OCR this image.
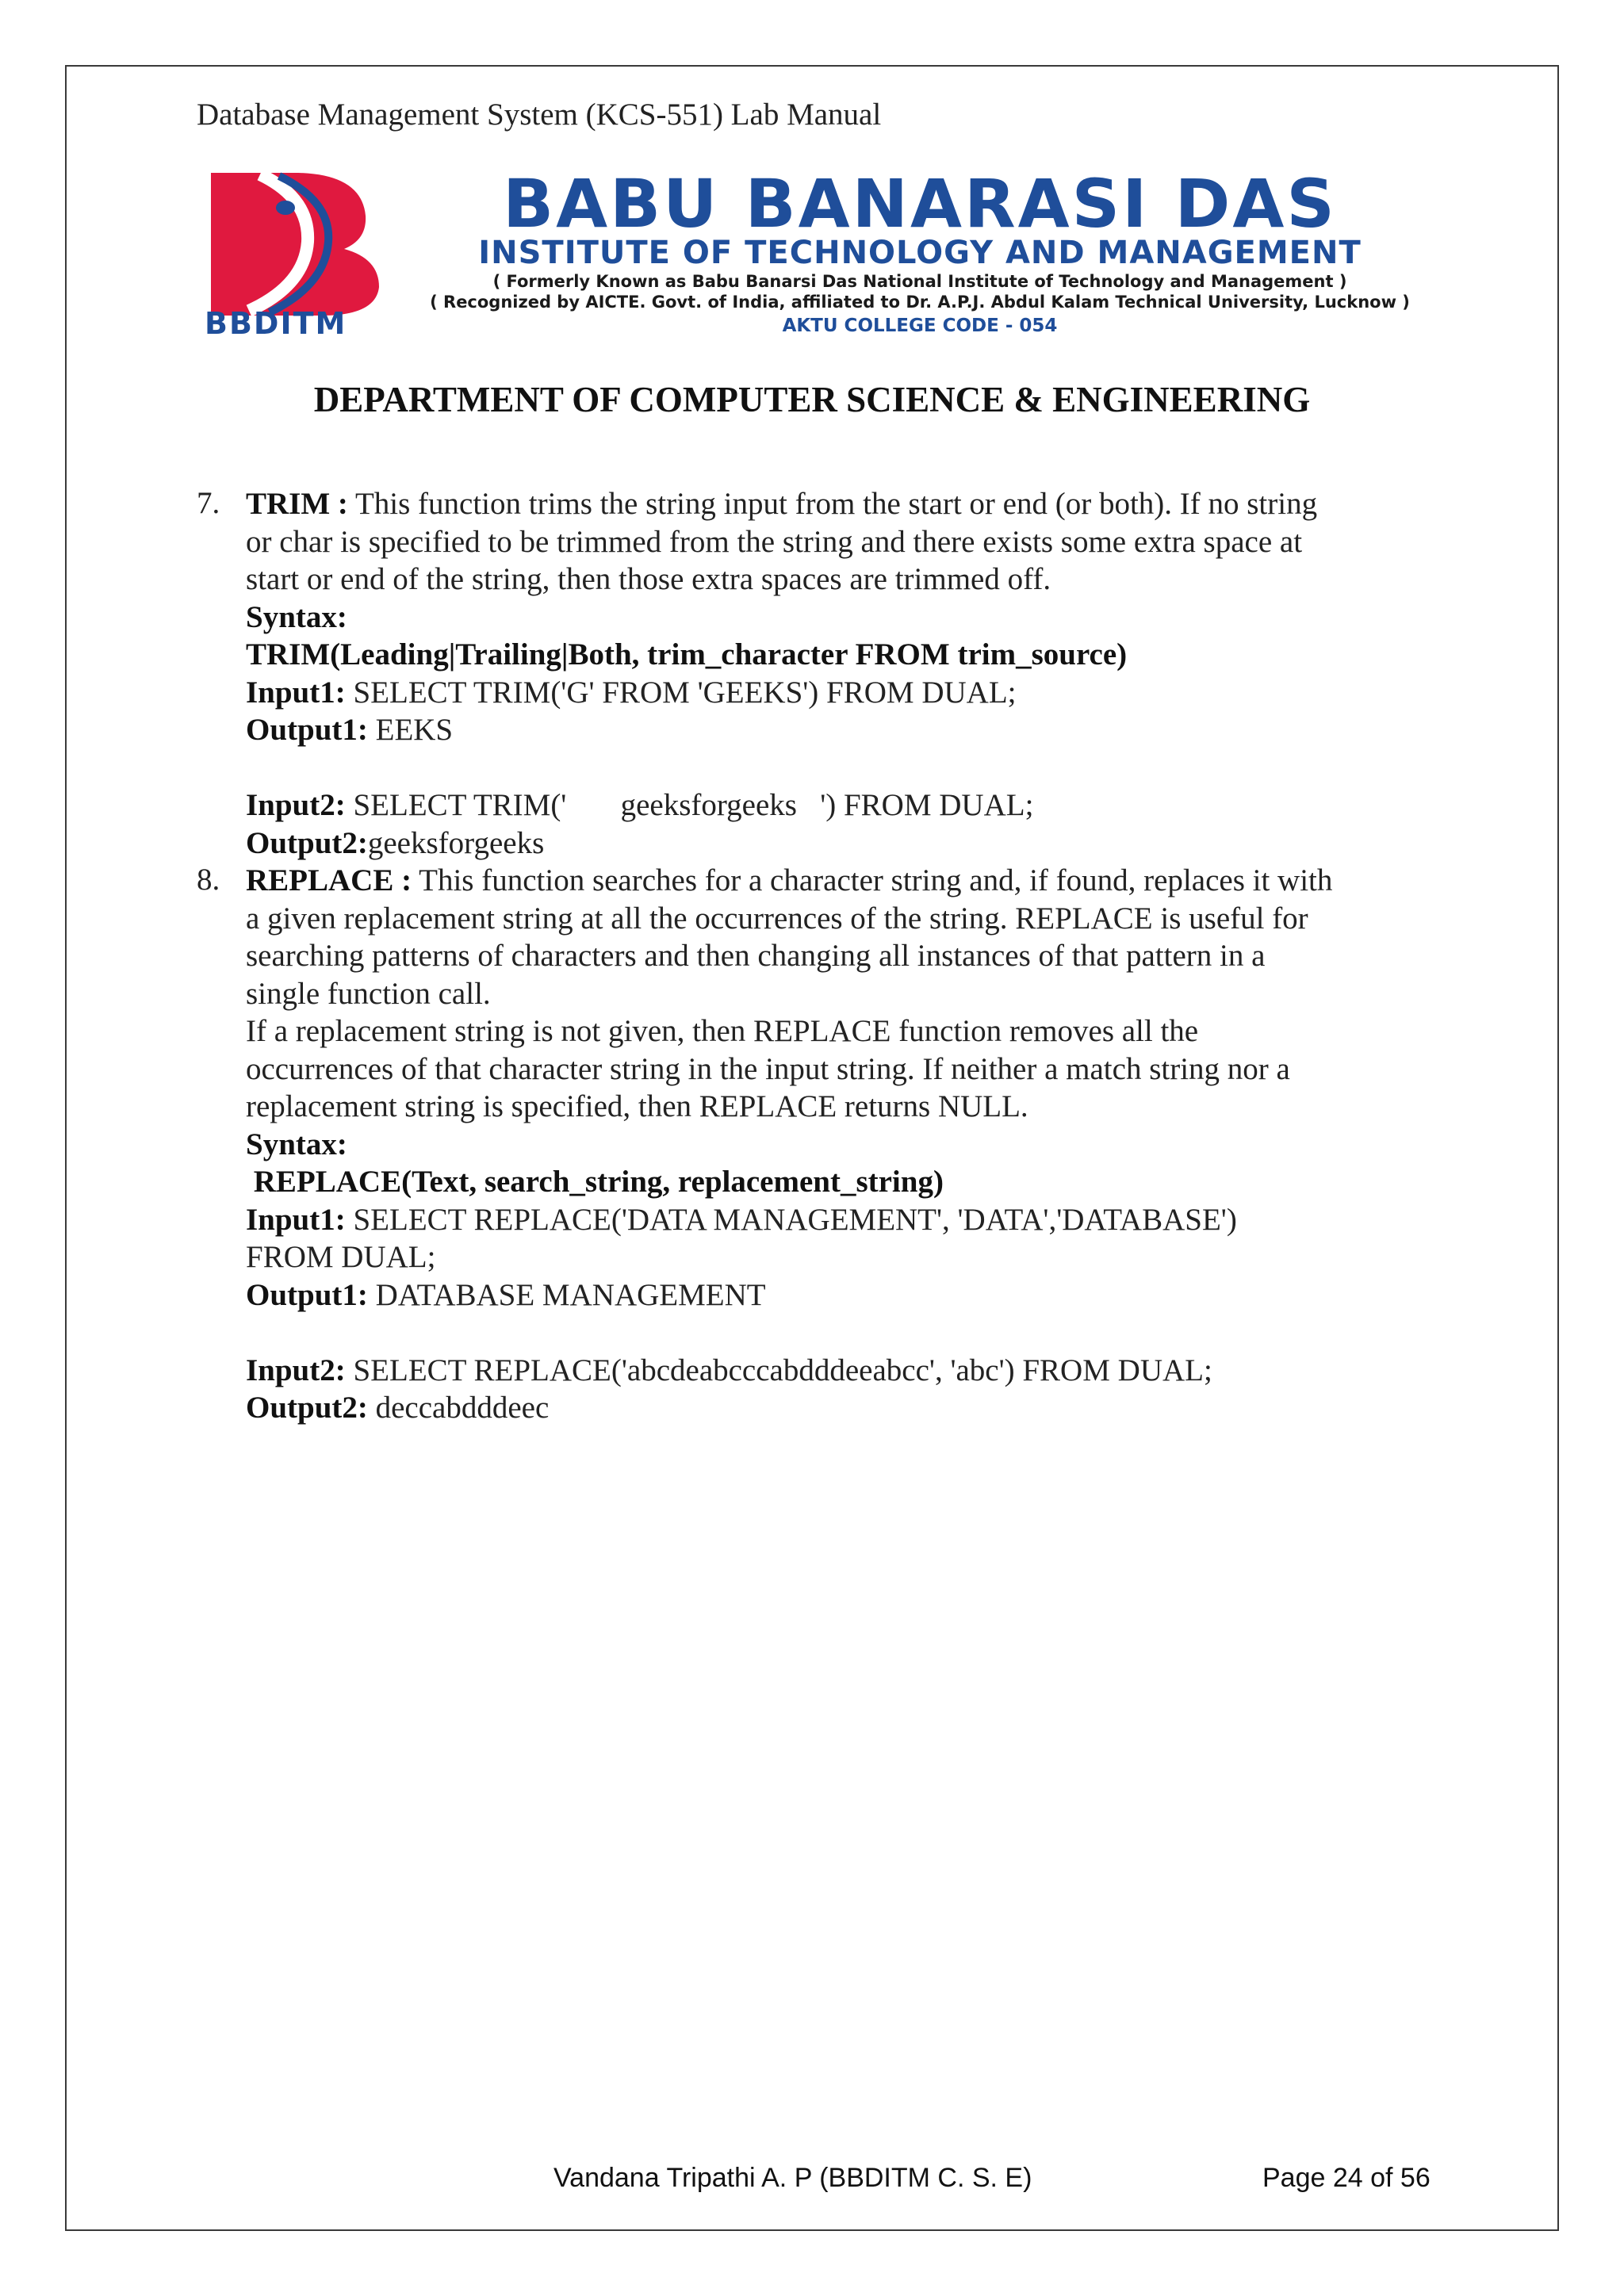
Database Management System (KCS-551) Lab Manual
BBDITM
BABU BANARASI DAS
INSTITUTE OF TECHNOLOGY AND MANAGEMENT
( Formerly Known as Babu Banarsi Das National Institute of Technology and Management )
( Recognized by AICTE. Govt. of India, affiliated to Dr. A.P.J. Abdul Kalam Technical University, Lucknow )
AKTU COLLEGE CODE - 054
DEPARTMENT OF COMPUTER SCIENCE & ENGINEERING
7. TRIM : This function trims the string input from the start or end (or both). If no string
or char is specified to be trimmed from the string and there exists some extra space at
start or end of the string, then those extra spaces are trimmed off.
Syntax:
TRIM(Leading|Trailing|Both, trim_character FROM trim_source)
Input1: SELECT TRIM('G' FROM 'GEEKS') FROM DUAL;
Output1: EEKS
Input2: SELECT TRIM('       geeksforgeeks   ') FROM DUAL;
Output2:geeksforgeeks
8. REPLACE : This function searches for a character string and, if found, replaces it with
a given replacement string at all the occurrences of the string. REPLACE is useful for
searching patterns of characters and then changing all instances of that pattern in a
single function call.
If a replacement string is not given, then REPLACE function removes all the
occurrences of that character string in the input string. If neither a match string nor a
replacement string is specified, then REPLACE returns NULL.
Syntax:
REPLACE(Text, search_string, replacement_string)
Input1: SELECT REPLACE('DATA MANAGEMENT', 'DATA','DATABASE')
FROM DUAL;
Output1: DATABASE MANAGEMENT
Input2: SELECT REPLACE('abcdeabcccabdddeeabcc', 'abc') FROM DUAL;
Output2: deccabdddeec
Vandana Tripathi A. P (BBDITM C. S. E)	Page 24 of 56
